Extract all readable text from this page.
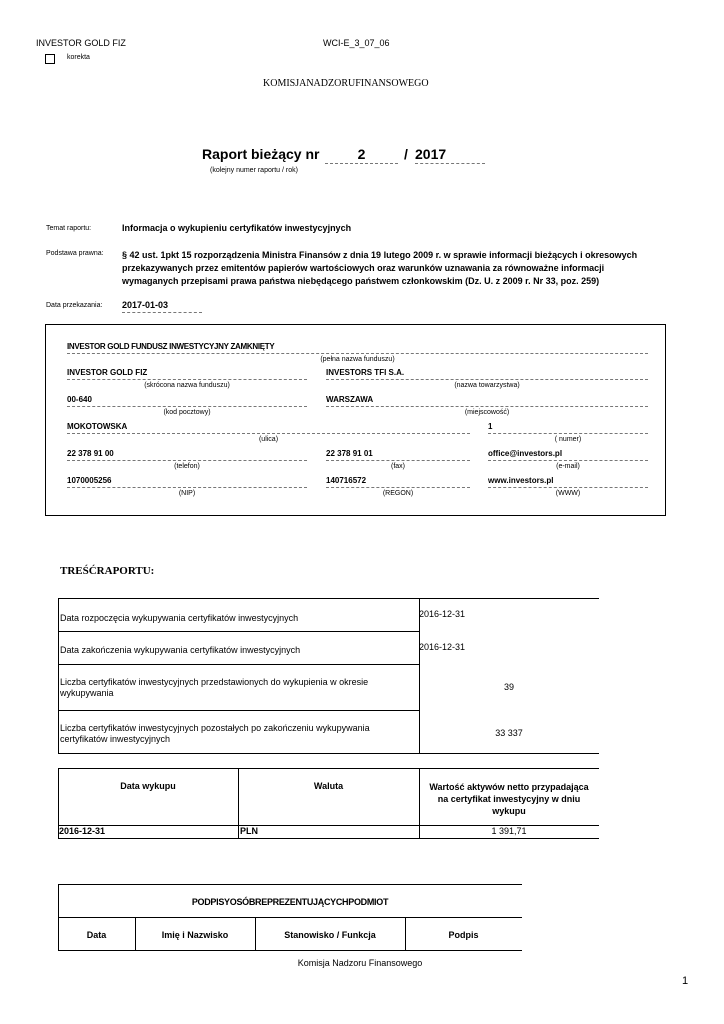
INVESTOR GOLD FIZ	WCI-E_3_07_06
korekta
KOMISJANADZORUFINANSOWEGO
Raport bieżący nr	2	/ 2017
(kolejny numer raportu / rok)
Temat raportu:	Informacja o wykupieniu certyfikatów inwestycyjnych
Podstawa prawna: § 42 ust. 1pkt 15 rozporządzenia Ministra Finansów z dnia 19 lutego 2009 r. w sprawie informacji bieżących i okresowych
przekazywanych przez emitentów papierów wartościowych oraz warunków uznawania za równoważne informacji
wymaganych przepisami prawa państwa niebędącego państwem członkowskim (Dz. U. z 2009 r. Nr 33, poz. 259)
Data przekazania: 2017-01-03
INVESTOR GOLD FUNDUSZ INWESTYCYJNY ZAMKNIĘTY
(pełna nazwa funduszu)
INVESTOR GOLD FIZ
(skrócona nazwa funduszu)
INVESTORS TFI S.A.
(nazwa towarzystwa)
00-640
(kod pocztowy)
WARSZAWA
(miejscowość)
MOKOTOWSKA
(ulica)
1
( numer)
22 378 91 00
(telefon)
22 378 91 01
(fax)
office@investors.pl
(e-mail)
1070005256
(NIP)
140716572
(REGON)
www.investors.pl
(WWW)
TREŚĆRAPORTU:
Data rozpoczęcia wykupywania certyfikatów inwestycyjnych	2016-12-31
Data zakończenia wykupywania certyfikatów inwestycyjnych	2016-12-31
Liczba certyfikatów inwestycyjnych przedstawionych do wykupienia w okresie
wykupywania
39
Liczba certyfikatów inwestycyjnych pozostałych po zakończeniu wykupywania
certyfikatów inwestycyjnych
33 337
Data wykupu	Waluta	Wartość aktywów netto przypadająca
na certyfikat inwestycyjny w dniu
wykupu
2016-12-31	PLN	1 391,71
PODPISYOSÓBREPREZENTUJĄCYCHPODMIOT
Data	Imię i Nazwisko	Stanowisko / Funkcja	Podpis
Komisja Nadzoru Finansowego
1
